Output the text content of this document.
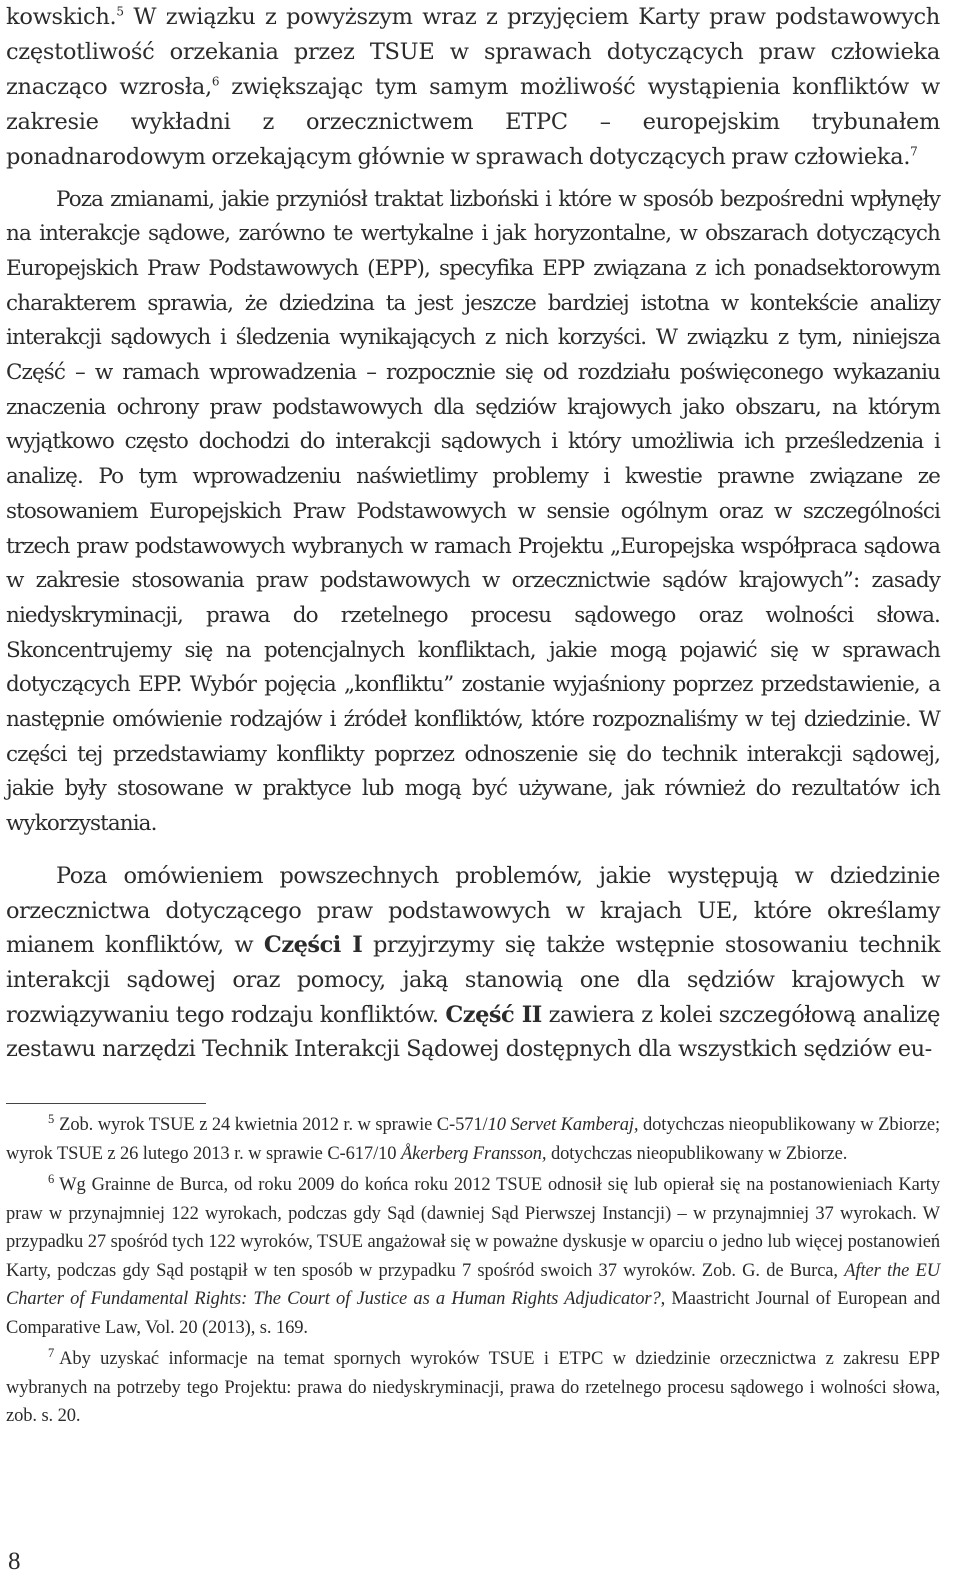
kowskich.$^5$ W związku z powyższym wraz z przyjęciem Karty praw podstawowych częstotliwość orzekania przez TSUE w sprawach dotyczących praw człowieka znacząco wzrosła,$^6$ zwiększając tym samym możliwość wystąpienia konfliktów w zakresie wykładni z orzecznictwem ETPC – europejskim trybunałem ponadnarodowym orzekającym głównie w sprawach dotyczących praw człowieka.$^7$

Poza zmianami, jakie przyniósł traktat lizboński i które w sposób bezpośredni wpłynęły na interakcje sądowe, zarówno te wertykalne i jak horyzontalne, w obszarach dotyczących Europejskich Praw Podstawowych (EPP), specyfika EPP związana z ich ponadsektorowym charakterem sprawia, że dziedzina ta jest jeszcze bardziej istotna w kontekście analizy interakcji sądowych i śledzenia wynikających z nich korzyści. W związku z tym, niniejsza Część – w ramach wprowadzenia – rozpocznie się od rozdziału poświęconego wykazaniu znaczenia ochrony praw podstawowych dla sędziów krajowych jako obszaru, na którym wyjątkowo często dochodzi do interakcji sądowych i który umożliwia ich prześledzenia i analizę. Po tym wprowadzeniu naświetlimy problemy i kwestie prawne związane ze stosowaniem Europejskich Praw Podstawowych w sensie ogólnym oraz w szczególności trzech praw podstawowych wybranych w ramach Projektu „Europejska współpraca sądowa w zakresie stosowania praw podstawowych w orzecznictwie sądów krajowych”: zasady niedyskryminacji, prawa do rzetelnego procesu sądowego oraz wolności słowa. Skoncentrujemy się na potencjalnych konfliktach, jakie mogą pojawić się w sprawach dotyczących EPP. Wybór pojęcia „konfliktu” zostanie wyjaśniony poprzez przedstawienie, a następnie omówienie rodzajów i źródeł konfliktów, które rozpoznaliśmy w tej dziedzinie. W części tej przedstawiamy konflikty poprzez odnoszenie się do technik interakcji sądowej, jakie były stosowane w praktyce lub mogą być używane, jak również do rezultatów ich wykorzystania.

Poza omówieniem powszechnych problemów, jakie występują w dziedzinie orzecznictwa dotyczącego praw podstawowych w krajach UE, które określamy mianem konfliktów, w Części I przyjrzymy się także wstępnie stosowaniu technik interakcji sądowej oraz pomocy, jaką stanowią one dla sędziów krajowych w rozwiązywaniu tego rodzaju konfliktów. Część II zawiera z kolei szczegółową analizę zestawu narzędzi Technik Interakcji Sądowej dostępnych dla wszystkich sędziów eu-

$^5$ Zob. wyrok TSUE z 24 kwietnia 2012 r. w sprawie C-571/10 Servet Kamberaj, dotychczas nieopublikowany w Zbiorze; wyrok TSUE z 26 lutego 2013 r. w sprawie C-617/10 Åkerberg Fransson, dotychczas nieopublikowany w Zbiorze.

$^6$ Wg Grainne de Burca, od roku 2009 do końca roku 2012 TSUE odnosił się lub opierał się na postanowieniach Karty praw w przynajmniej 122 wyrokach, podczas gdy Sąd (dawniej Sąd Pierwszej Instancji) – w przynajmniej 37 wyrokach. W przypadku 27 spośród tych 122 wyroków, TSUE angażował się w poważne dyskusje w oparciu o jedno lub więcej postanowień Karty, podczas gdy Sąd postąpił w ten sposób w przypadku 7 spośród swoich 37 wyroków. Zob. G. de Burca, After the EU Charter of Fundamental Rights: The Court of Justice as a Human Rights Adjudicator?, Maastricht Journal of European and Comparative Law, Vol. 20 (2013), s. 169.

$^7$ Aby uzyskać informacje na temat spornych wyroków TSUE i ETPC w dziedzinie orzecznictwa z zakresu EPP wybranych na potrzeby tego Projektu: prawa do niedyskryminacji, prawa do rzetelnego procesu sądowego i wolności słowa, zob. s. 20.

8
